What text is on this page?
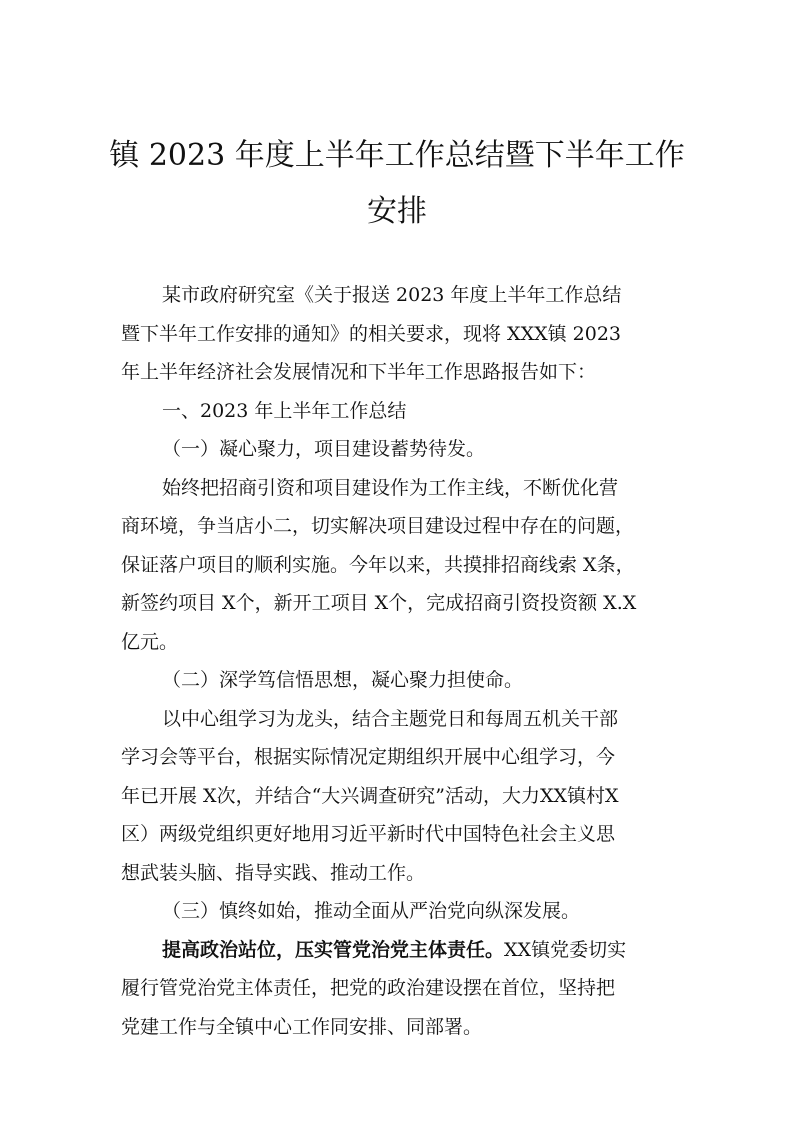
镇 2023 年度上半年工作总结暨下半年工作
安排
某市政府研究室《关于报送 2023 年度上半年工作总结
暨下半年工作安排的通知》的相关要求，现将 XXX镇 2023
年上半年经济社会发展情况和下半年工作思路报告如下：
一、2023 年上半年工作总结
（一）凝心聚力，项目建设蓄势待发。
始终把招商引资和项目建设作为工作主线，不断优化营
商环境，争当店小二，切实解决项目建设过程中存在的问题，
保证落户项目的顺利实施。今年以来，共摸排招商线索 X条，
新签约项目 X个，新开工项目 X个，完成招商引资投资额 X.X
亿元。
（二）深学笃信悟思想，凝心聚力担使命。
以中心组学习为龙头，结合主题党日和每周五机关干部
学习会等平台，根据实际情况定期组织开展中心组学习，今
年已开展 X次，并结合“大兴调查研究”活动，大力XX镇村X
区）两级党组织更好地用习近平新时代中国特色社会主义思
想武装头脑、指导实践、推动工作。
（三）慎终如始，推动全面从严治党向纵深发展。
提高政治站位，压实管党治党主体责任。XX镇党委切实
履行管党治党主体责任，把党的政治建设摆在首位，坚持把
党建工作与全镇中心工作同安排、同部署。
